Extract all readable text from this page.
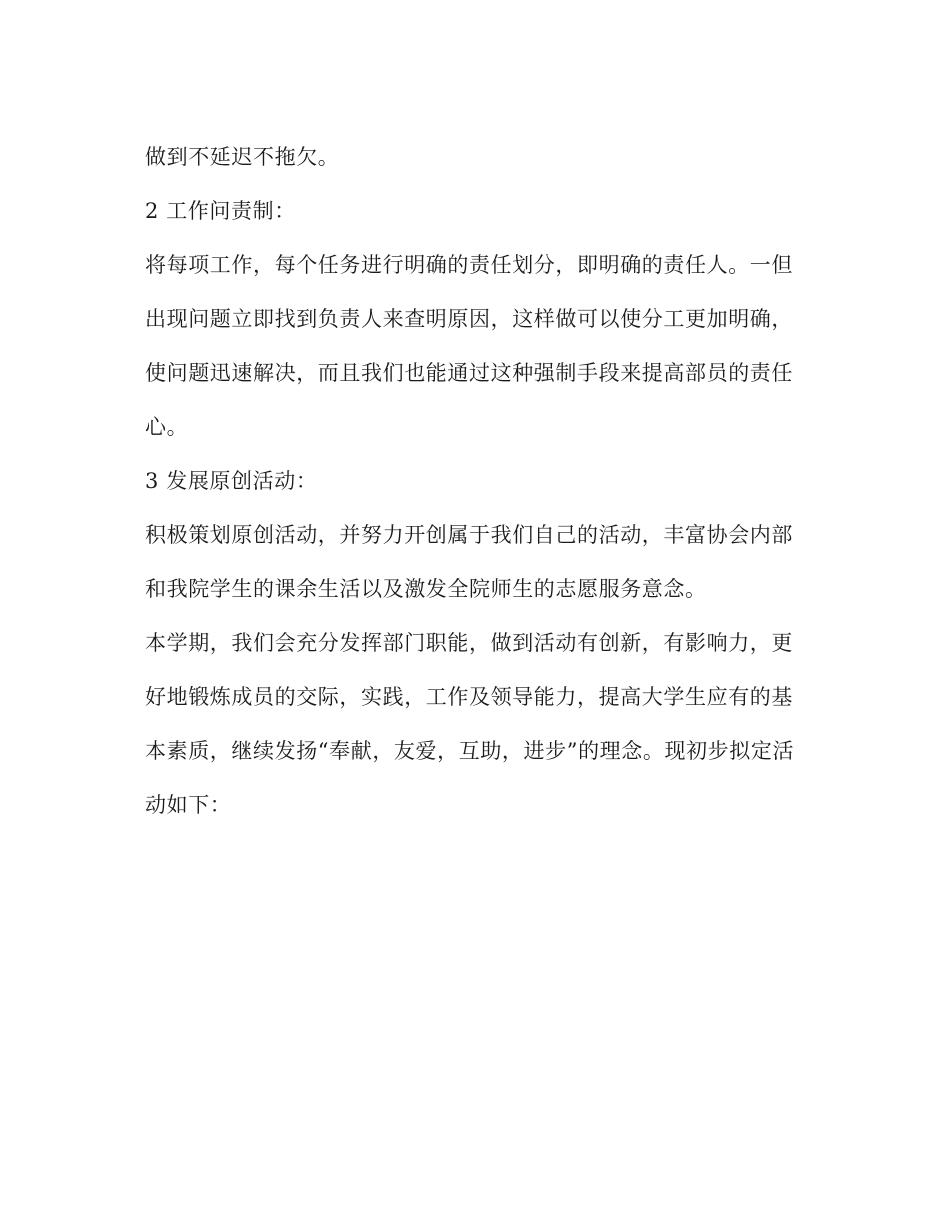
做到不延迟不拖欠。
2 工作问责制：
将每项工作，每个任务进行明确的责任划分，即明确的责任人。一但
出现问题立即找到负责人来查明原因，这样做可以使分工更加明确，
使问题迅速解决，而且我们也能通过这种强制手段来提高部员的责任
心。
3 发展原创活动：
积极策划原创活动，并努力开创属于我们自己的活动，丰富协会内部
和我院学生的课余生活以及激发全院师生的志愿服务意念。
本学期，我们会充分发挥部门职能，做到活动有创新，有影响力，更
好地锻炼成员的交际，实践，工作及领导能力，提高大学生应有的基
本素质，继续发扬“奉献，友爱，互助，进步”的理念。现初步拟定活
动如下：
